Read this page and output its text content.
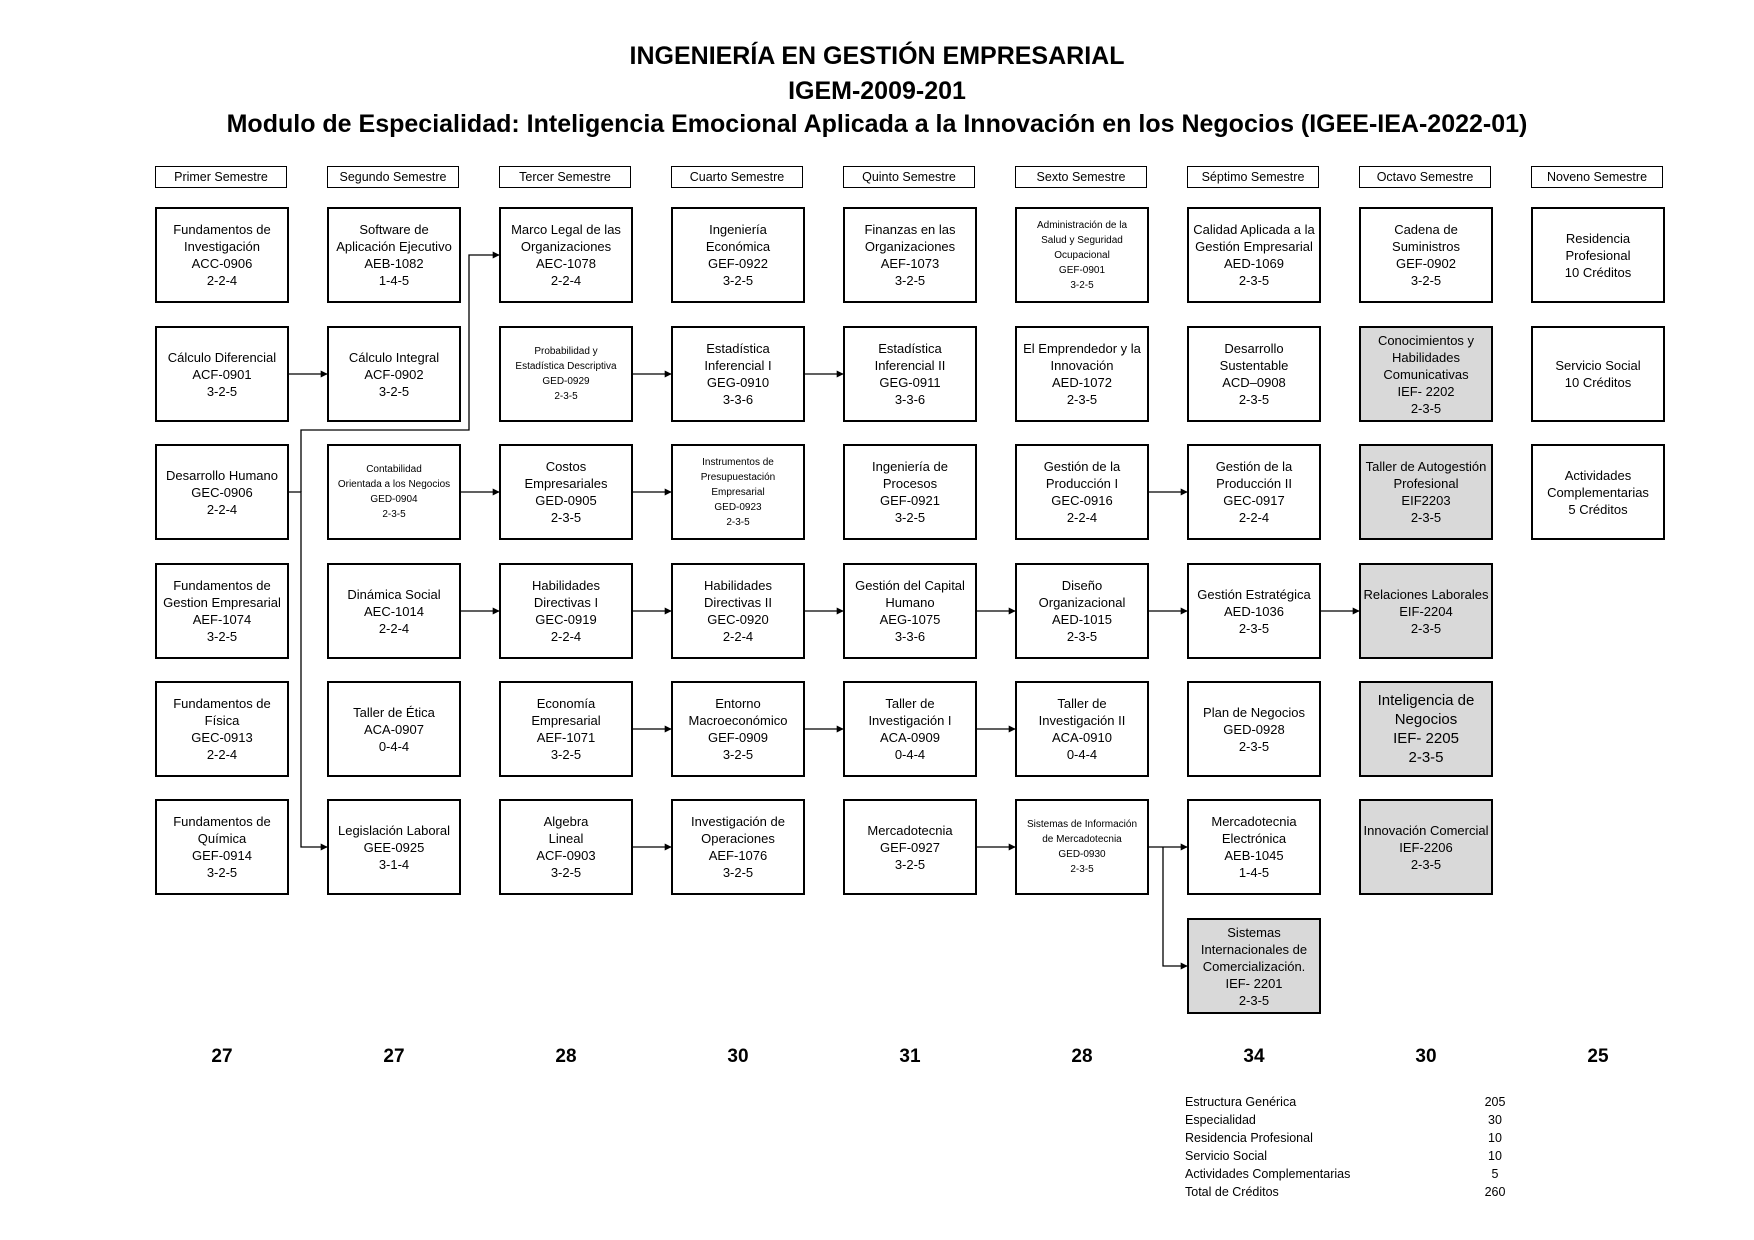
INGENIERÍA EN GESTIÓN EMPRESARIAL
IGEM-2009-201
Modulo de Especialidad: Inteligencia Emocional Aplicada a la Innovación en los Negocios (IGEE-IEA-2022-01)
Primer Semestre	Segundo Semestre	Tercer Semestre	Cuarto Semestre	Quinto Semestre	Sexto Semestre	Séptimo Semestre	Octavo Semestre	Noveno Semestre
Fundamentos de
Investigación
ACC-0906
2-2-4
Cálculo Diferencial
ACF-0901
3-2-5
Desarrollo Humano
GEC-0906
2-2-4
Fundamentos de
Gestion Empresarial
AEF-1074
3-2-5
Fundamentos de
Física
GEC-0913
2-2-4
Fundamentos de
Química
GEF-0914
3-2-5
Software de
Aplicación Ejecutivo
AEB-1082
1-4-5
Cálculo Integral
ACF-0902
3-2-5
Contabilidad
Orientada a los Negocios
GED-0904
2-3-5
Dinámica Social
AEC-1014
2-2-4
Taller de Ética
ACA-0907
0-4-4
Legislación Laboral
GEE-0925
3-1-4
Marco Legal de las
Organizaciones
AEC-1078
2-2-4
Probabilidad y
Estadística Descriptiva
GED-0929
2-3-5
Costos
Empresariales
GED-0905
2-3-5
Habilidades
Directivas I
GEC-0919
2-2-4
Economía
Empresarial
AEF-1071
3-2-5
Algebra
Lineal
ACF-0903
3-2-5
Ingeniería
Económica
GEF-0922
3-2-5
Estadística
Inferencial I
GEG-0910
3-3-6
Instrumentos de
Presupuestación
Empresarial
GED-0923
2-3-5
Habilidades
Directivas II
GEC-0920
2-2-4
Entorno
Macroeconómico
GEF-0909
3-2-5
Investigación de
Operaciones
AEF-1076
3-2-5
Finanzas en las
Organizaciones
AEF-1073
3-2-5
Estadística
Inferencial II
GEG-0911
3-3-6
Ingeniería de
Procesos
GEF-0921
3-2-5
Gestión del Capital
Humano
AEG-1075
3-3-6
Taller de
Investigación I
ACA-0909
0-4-4
Mercadotecnia
GEF-0927
3-2-5
Administración de la
Salud y Seguridad
Ocupacional
GEF-0901
3-2-5
El Emprendedor y la
Innovación
AED-1072
2-3-5
Gestión de la
Producción I
GEC-0916
2-2-4
Diseño
Organizacional
AED-1015
2-3-5
Taller de
Investigación II
ACA-0910
0-4-4
Sistemas de Información
de Mercadotecnia
GED-0930
2-3-5
Calidad Aplicada a la
Gestión Empresarial
AED-1069
2-3-5
Desarrollo
Sustentable
ACD–0908
2-3-5
Gestión de la
Producción II
GEC-0917
2-2-4
Gestión Estratégica
AED-1036
2-3-5
Plan de Negocios
GED-0928
2-3-5
Mercadotecnia
Electrónica
AEB-1045
1-4-5
Sistemas
Internacionales de
Comercialización.
IEF- 2201
2-3-5
Cadena de
Suministros
GEF-0902
3-2-5
Conocimientos y
Habilidades
Comunicativas
IEF- 2202
2-3-5
Taller de Autogestión
Profesional
EIF2203
2-3-5
Relaciones Laborales
EIF-2204
2-3-5
Inteligencia de
Negocios
IEF- 2205
2-3-5
Innovación Comercial
IEF-2206
2-3-5
Residencia
Profesional
10 Créditos
Servicio Social
10 Créditos
Actividades
Complementarias
5 Créditos
27	27	28	30	31	28	34	30	25
Estructura Genérica	205
Especialidad	30
Residencia Profesional	10
Servicio Social	10
Actividades Complementarias	5
Total de Créditos	260
